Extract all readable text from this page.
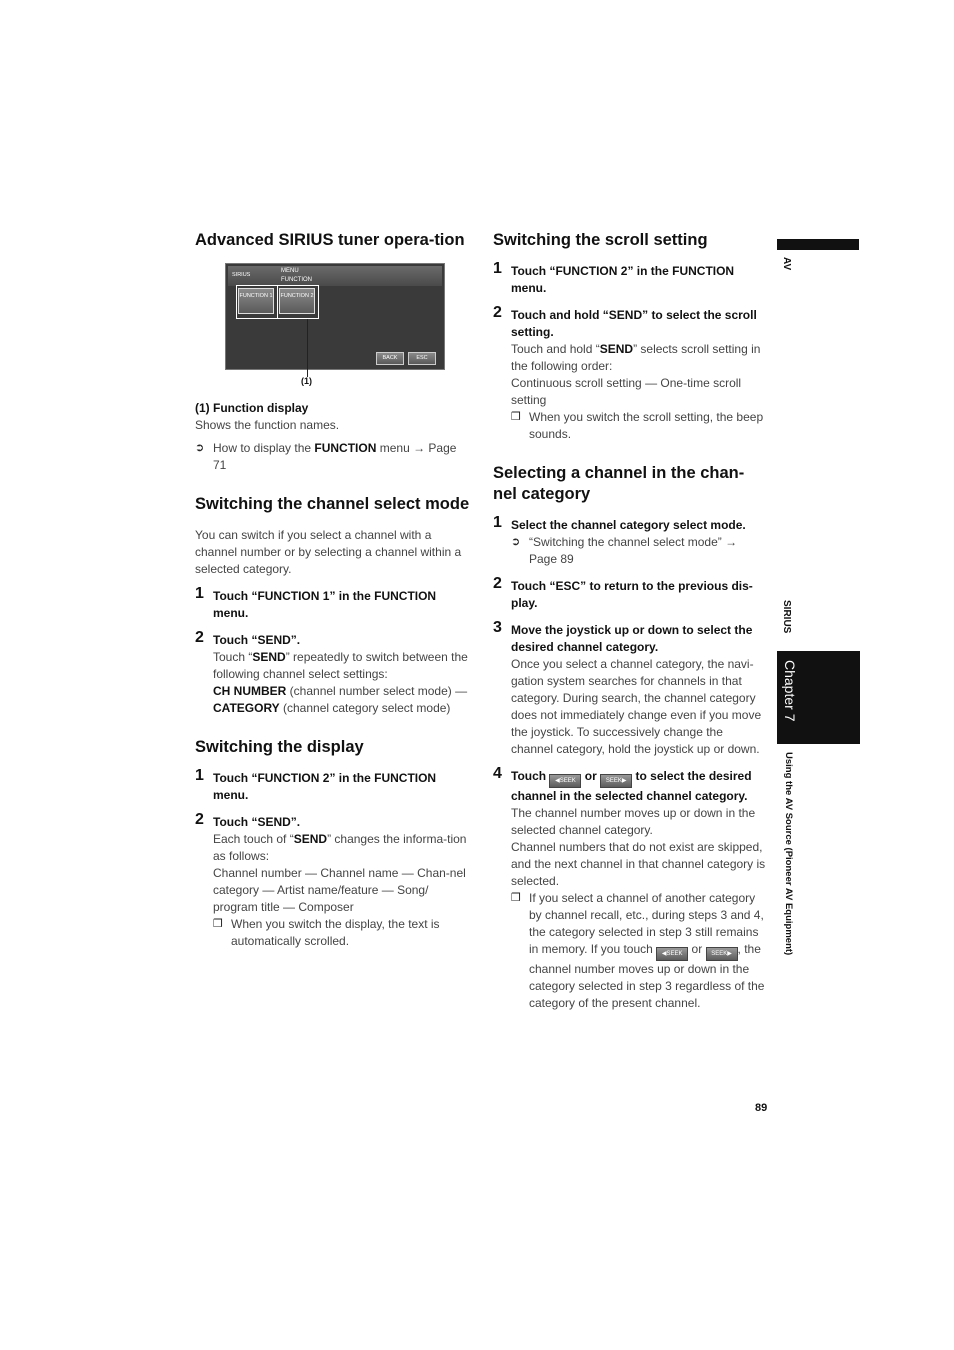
Advanced SIRIUS tuner opera-tion
SIRIUS
MENU
FUNCTION
FUNCTION 1 FUNCTION 2
BACK	ESC
(1)

(1) Function display

Shows the function names.

➲ How to display the FUNCTION menu → Page 71
Switching the channel select mode

You can switch if you select a channel with a channel number or by selecting a channel within a selected category.

1 Touch “FUNCTION 1” in the FUNCTION menu.
2 Touch “SEND”.
Touch “SEND” repeatedly to switch between the following channel select settings:
CH NUMBER (channel number select mode) — CATEGORY (channel category select mode)
Switching the display
1 Touch “FUNCTION 2” in the FUNCTION menu.
2 Touch “SEND”.
Each touch of “SEND” changes the informa-tion as follows:
Channel number — Channel name — Chan-nel category — Artist name/feature — Song/ program title — Composer
❒ When you switch the display, the text is automatically scrolled.
Switching the scroll setting
1 Touch “FUNCTION 2” in the FUNCTION menu.
2 Touch and hold “SEND” to select the scroll setting.
Touch and hold “SEND” selects scroll setting in the following order:
Continuous scroll setting — One-time scroll setting
❒ When you switch the scroll setting, the beep sounds.
Selecting a channel in the chan-nel category
1 Select the channel category select mode.
➲ “Switching the channel select mode” → Page 89
2 Touch “ESC” to return to the previous dis-play.
3 Move the joystick up or down to select the desired channel category.
Once you select a channel category, the navi-gation system searches for channels in that category. During search, the channel category does not immediately change even if you move the joystick. To successively change the channel category, hold the joystick up or down.
4 Touch ◀SEEK or SEEK▶ to select the desired channel in the selected channel category.
The channel number moves up or down in the selected channel category.
Channel numbers that do not exist are skipped, and the next channel in that channel category is selected.
❒ If you select a channel of another category by channel recall, etc., during steps 3 and 4, the category selected in step 3 still remains in memory. If you touch ◀SEEK or SEEK▶ , the channel number moves up or down in the category selected in step 3 regardless of the category of the present channel.
AV
SIRIUS
Chapter 7
Using the AV Source (Pioneer AV Equipment)
89
